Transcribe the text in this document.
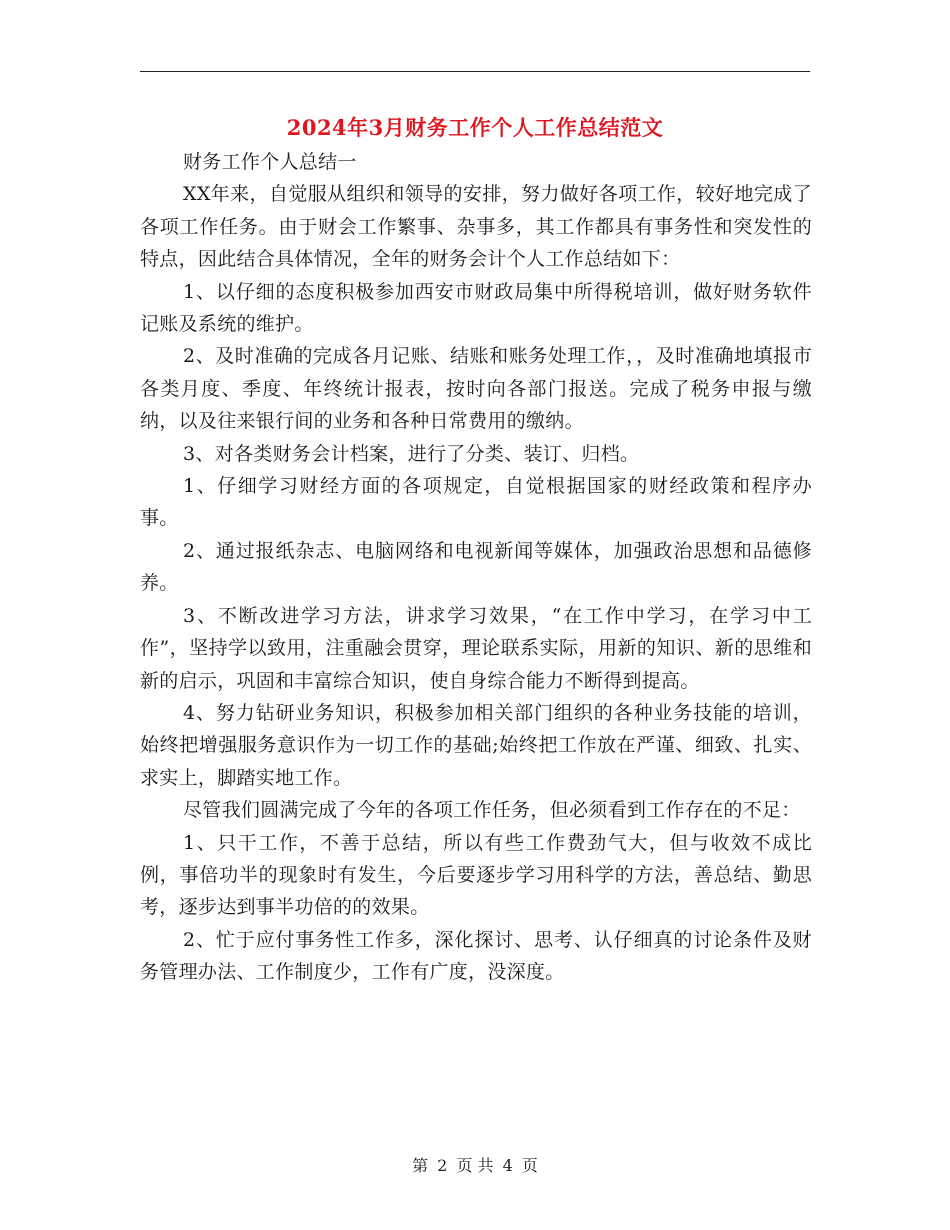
2024年3月财务工作个人工作总结范文

财务工作个人总结一

XX年来，自觉服从组织和领导的安排，努力做好各项工作，较好地完成了各项工作任务。由于财会工作繁事、杂事多，其工作都具有事务性和突发性的特点，因此结合具体情况，全年的财务会计个人工作总结如下：

1、以仔细的态度积极参加西安市财政局集中所得税培训，做好财务软件记账及系统的维护。

2、及时准确的完成各月记账、结账和账务处理工作，，及时准确地填报市各类月度、季度、年终统计报表，按时向各部门报送。完成了税务申报与缴纳，以及往来银行间的业务和各种日常费用的缴纳。

3、对各类财务会计档案，进行了分类、装订、归档。

1、仔细学习财经方面的各项规定，自觉根据国家的财经政策和程序办事。

2、通过报纸杂志、电脑网络和电视新闻等媒体，加强政治思想和品德修养。

3、不断改进学习方法，讲求学习效果，“在工作中学习，在学习中工作”，坚持学以致用，注重融会贯穿，理论联系实际，用新的知识、新的思维和新的启示，巩固和丰富综合知识，使自身综合能力不断得到提高。

4、努力钻研业务知识，积极参加相关部门组织的各种业务技能的培训，始终把增强服务意识作为一切工作的基础;始终把工作放在严谨、细致、扎实、求实上，脚踏实地工作。

尽管我们圆满完成了今年的各项工作任务，但必须看到工作存在的不足：

1、只干工作，不善于总结，所以有些工作费劲气大，但与收效不成比例，事倍功半的现象时有发生，今后要逐步学习用科学的方法，善总结、勤思考，逐步达到事半功倍的的效果。

2、忙于应付事务性工作多，深化探讨、思考、认仔细真的讨论条件及财务管理办法、工作制度少，工作有广度，没深度。

第 2 页 共 4 页
